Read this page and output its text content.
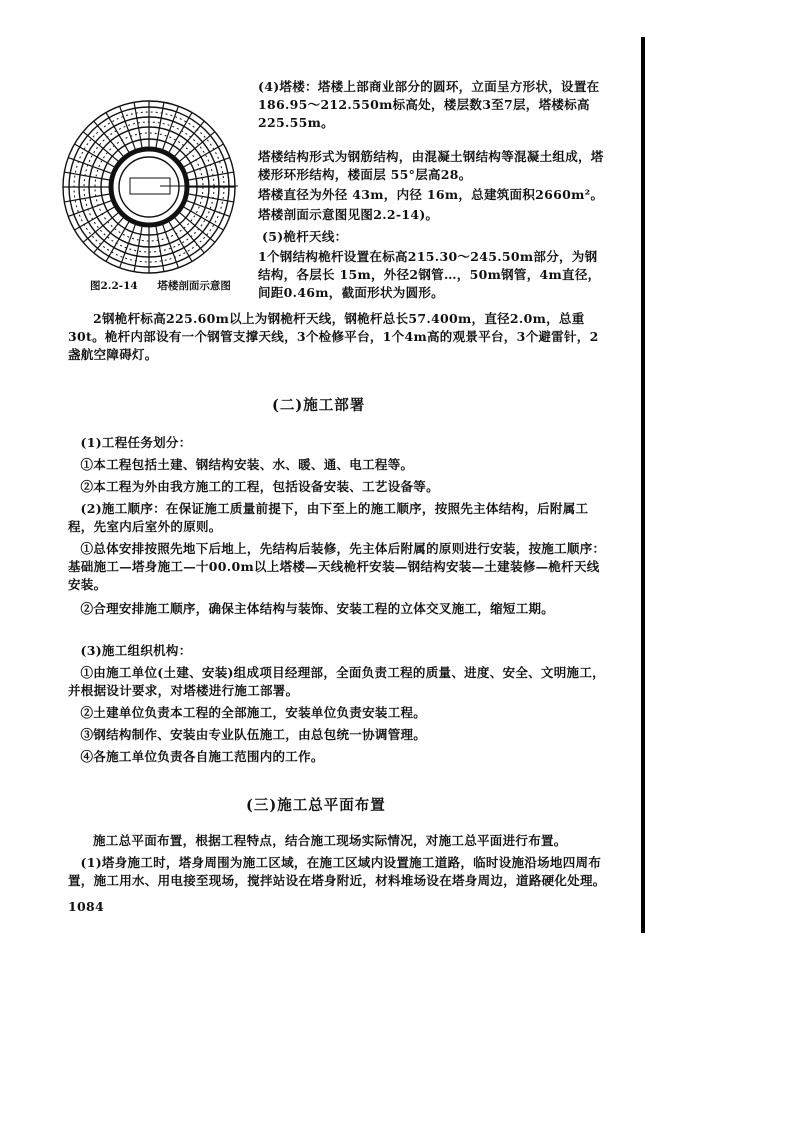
图2.2-14 塔楼剖面示意图

(4)塔楼：塔楼上部商业部分的圆环，立面呈方形状，设置在186.95～212.550m标高处，楼层数3至7层，塔楼标高225.55m。

塔楼结构形式为钢筋结构，由混凝土钢结构等混凝土组成，塔楼形环形结构，楼面层 55°层高28。

塔楼直径为外径 43m，内径 16m，总建筑面积2660m²。

塔楼剖面示意图见图2.2-14)。

(5)桅杆天线：

1个钢结构桅杆设置在标高215.30～245.50m部分，为钢结构，各层长 15m，外径2钢管…，50m钢管，4m直径，间距0.46m，截面形状为圆形。

2钢桅杆标高225.60m以上为钢桅杆天线，钢桅杆总长57.400m，直径2.0m，总重30t。桅杆内部设有一个钢管支撑天线，3个检修平台，1个4m高的观景平台，3个避雷针，2盏航空障碍灯。

(二)施工部署

(1)工程任务划分：

①本工程包括土建、钢结构安装、水、暖、通、电工程等。

②本工程为外由我方施工的工程，包括设备安装、工艺设备等。

(2)施工顺序：在保证施工质量前提下，由下至上的施工顺序，按照先主体结构，后附属工程，先室内后室外的原则。

①总体安排按照先地下后地上，先结构后装修，先主体后附属的原则进行安装，按施工顺序：基础施工—塔身施工—十00.0m以上塔楼—天线桅杆安装—钢结构安装—土建装修—桅杆天线安装。

②合理安排施工顺序，确保主体结构与装饰、安装工程的立体交叉施工，缩短工期。

(3)施工组织机构：

①由施工单位(土建、安装)组成项目经理部，全面负责工程的质量、进度、安全、文明施工，并根据设计要求，对塔楼进行施工部署。

②土建单位负责本工程的全部施工，安装单位负责安装工程。

③钢结构制作、安装由专业队伍施工，由总包统一协调管理。

④各施工单位负责各自施工范围内的工作。

(三)施工总平面布置

施工总平面布置，根据工程特点，结合施工现场实际情况，对施工总平面进行布置。

(1)塔身施工时，塔身周围为施工区域，在施工区域内设置施工道路，临时设施沿场地四周布置，施工用水、用电接至现场，搅拌站设在塔身附近，材料堆场设在塔身周边，道路硬化处理。

1084
